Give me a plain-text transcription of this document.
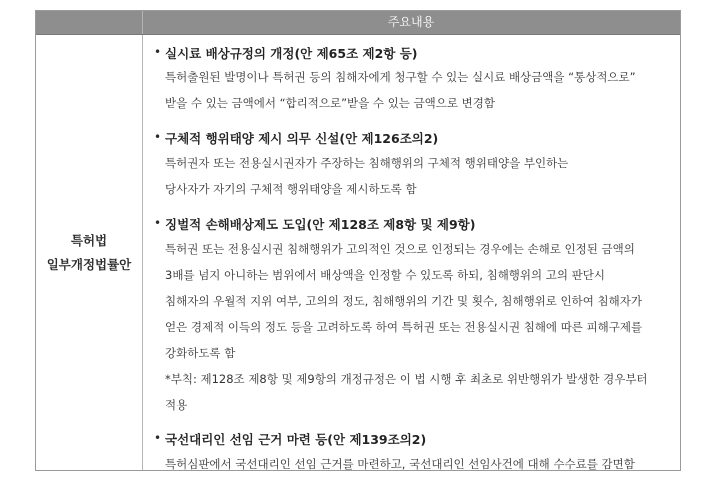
주요내용
특허법
일부개정법률안
• 실시료 배상규정의 개정(안 제65조 제2항 등)
특허출원된 발명이나 특허권 등의 침해자에게 청구할 수 있는 실시료 배상금액을 “통상적으로”
받을 수 있는 금액에서 “합리적으로”받을 수 있는 금액으로 변경함
• 구체적 행위태양 제시 의무 신설(안 제126조의2)
특허권자 또는 전용실시권자가 주장하는 침해행위의 구체적 행위태양을 부인하는
당사자가 자기의 구체적 행위태양을 제시하도록 함
• 징벌적 손해배상제도 도입(안 제128조 제8항 및 제9항)
특허권 또는 전용실시권 침해행위가 고의적인 것으로 인정되는 경우에는 손해로 인정된 금액의
3배를 넘지 아니하는 범위에서 배상액을 인정할 수 있도록 하되, 침해행위의 고의 판단시
침해자의 우월적 지위 여부, 고의의 정도, 침해행위의 기간 및 횟수, 침해행위로 인하여 침해자가
얻은 경제적 이득의 정도 등을 고려하도록 하여 특허권 또는 전용실시권 침해에 따른 피해구제를
강화하도록 함
*부칙: 제128조 제8항 및 제9항의 개정규정은 이 법 시행 후 최초로 위반행위가 발생한 경우부터
적용
• 국선대리인 선임 근거 마련 등(안 제139조의2)
특허심판에서 국선대리인 선임 근거를 마련하고, 국선대리인 선임사건에 대해 수수료를 감면함
